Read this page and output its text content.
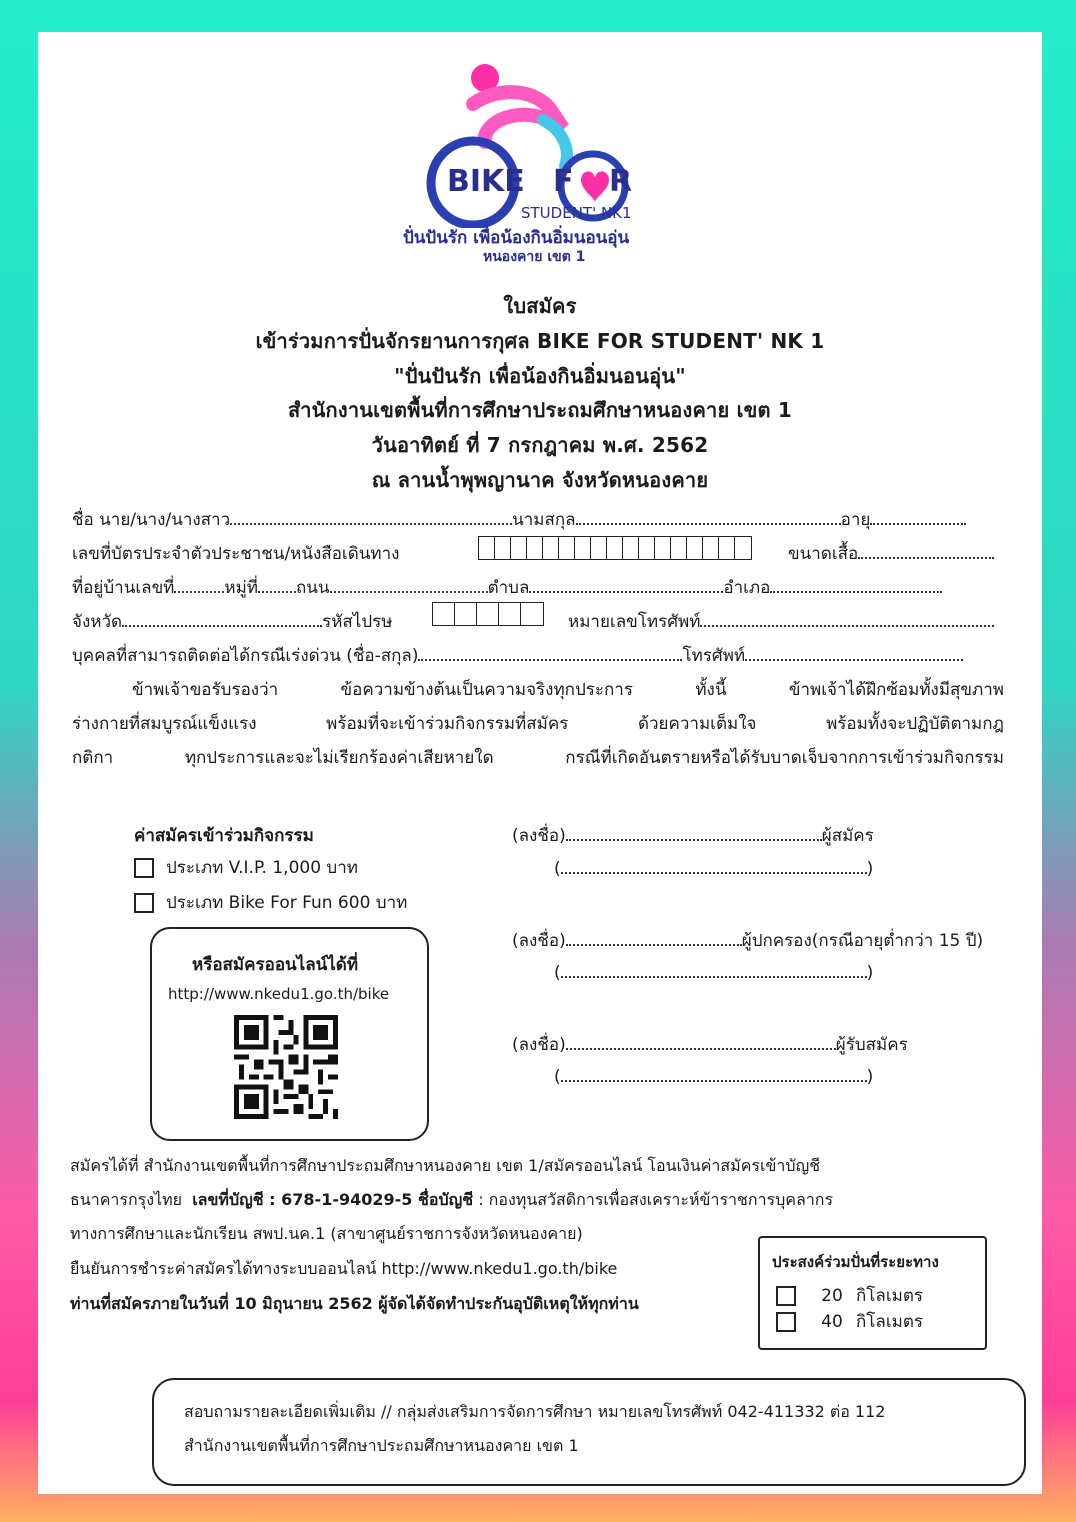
BIKE F R
STUDENT' NK1
ปั่นปันรัก เพื่อน้องกินอิ่มนอนอุ่น
หนองคาย เขต 1
ใบสมัคร
เข้าร่วมการปั่นจักรยานการกุศล BIKE FOR STUDENT' NK 1
"ปั่นปันรัก เพื่อน้องกินอิ่มนอนอุ่น"
สำนักงานเขตพื้นที่การศึกษาประถมศึกษาหนองคาย เขต 1
วันอาทิตย์ ที่ 7 กรกฎาคม พ.ศ. 2562
ณ ลานน้ำพุพญานาค จังหวัดหนองคาย
ชื่อ นาย/นาง/นางสาว	นามสกุล	อายุ
เลขที่บัตรประจำตัวประชาชน/หนังสือเดินทาง	ขนาดเสื้อ
ที่อยู่บ้านเลขที่	หมู่ที่ ถนน	ตำบล	อำเภอ
จังหวัด	รหัสไปรษ	หมายเลขโทรศัพท์
บุคคลที่สามารถติดต่อได้กรณีเร่งด่วน (ชื่อ-สกุล)	โทรศัพท์
ข้าพเจ้าขอรับรองว่า	ข้อความข้างต้นเป็นความจริงทุกประการ	ทั้งนี้	ข้าพเจ้าได้ฝึกซ้อมทั้งมีสุขภาพ
ร่างกายที่สมบูรณ์แข็งแรง	พร้อมที่จะเข้าร่วมกิจกรรมที่สมัคร	ด้วยความเต็มใจ	พร้อมทั้งจะปฏิบัติตามกฎ
กติกา	ทุกประการและจะไม่เรียกร้องค่าเสียหายใด	กรณีที่เกิดอันตรายหรือได้รับบาดเจ็บจากการเข้าร่วมกิจกรรม
ค่าสมัครเข้าร่วมกิจกรรม
ประเภท V.I.P. 1,000 บาท
ประเภท Bike For Fun 600 บาท
หรือสมัครออนไลน์ได้ที่
http://www.nkedu1.go.th/bike
(ลงชื่อ)	ผู้สมัคร
(	)
(ลงชื่อ)	ผู้ปกครอง(กรณีอายุต่ำกว่า 15 ปี)
(	)
(ลงชื่อ)	ผู้รับสมัคร
(	)
สมัครได้ที่ สำนักงานเขตพื้นที่การศึกษาประถมศึกษาหนองคาย เขต 1/สมัครออนไลน์ โอนเงินค่าสมัครเข้าบัญชี
ธนาคารกรุงไทย เลขที่บัญชี : 678-1-94029-5 ชื่อบัญชี : กองทุนสวัสดิการเพื่อสงเคราะห์ข้าราชการบุคลากร
ทางการศึกษาและนักเรียน สพป.นค.1 (สาขาศูนย์ราชการจังหวัดหนองคาย)
ยืนยันการชำระค่าสมัครได้ทางระบบออนไลน์ http://www.nkedu1.go.th/bike
ท่านที่สมัครภายในวันที่ 10 มิถุนายน 2562 ผู้จัดได้จัดทำประกันอุบัติเหตุให้ทุกท่าน
ประสงค์ร่วมปั่นที่ระยะทาง
20 กิโลเมตร
40 กิโลเมตร
สอบถามรายละเอียดเพิ่มเติม // กลุ่มส่งเสริมการจัดการศึกษา หมายเลขโทรศัพท์ 042-411332 ต่อ 112
สำนักงานเขตพื้นที่การศึกษาประถมศึกษาหนองคาย เขต 1
